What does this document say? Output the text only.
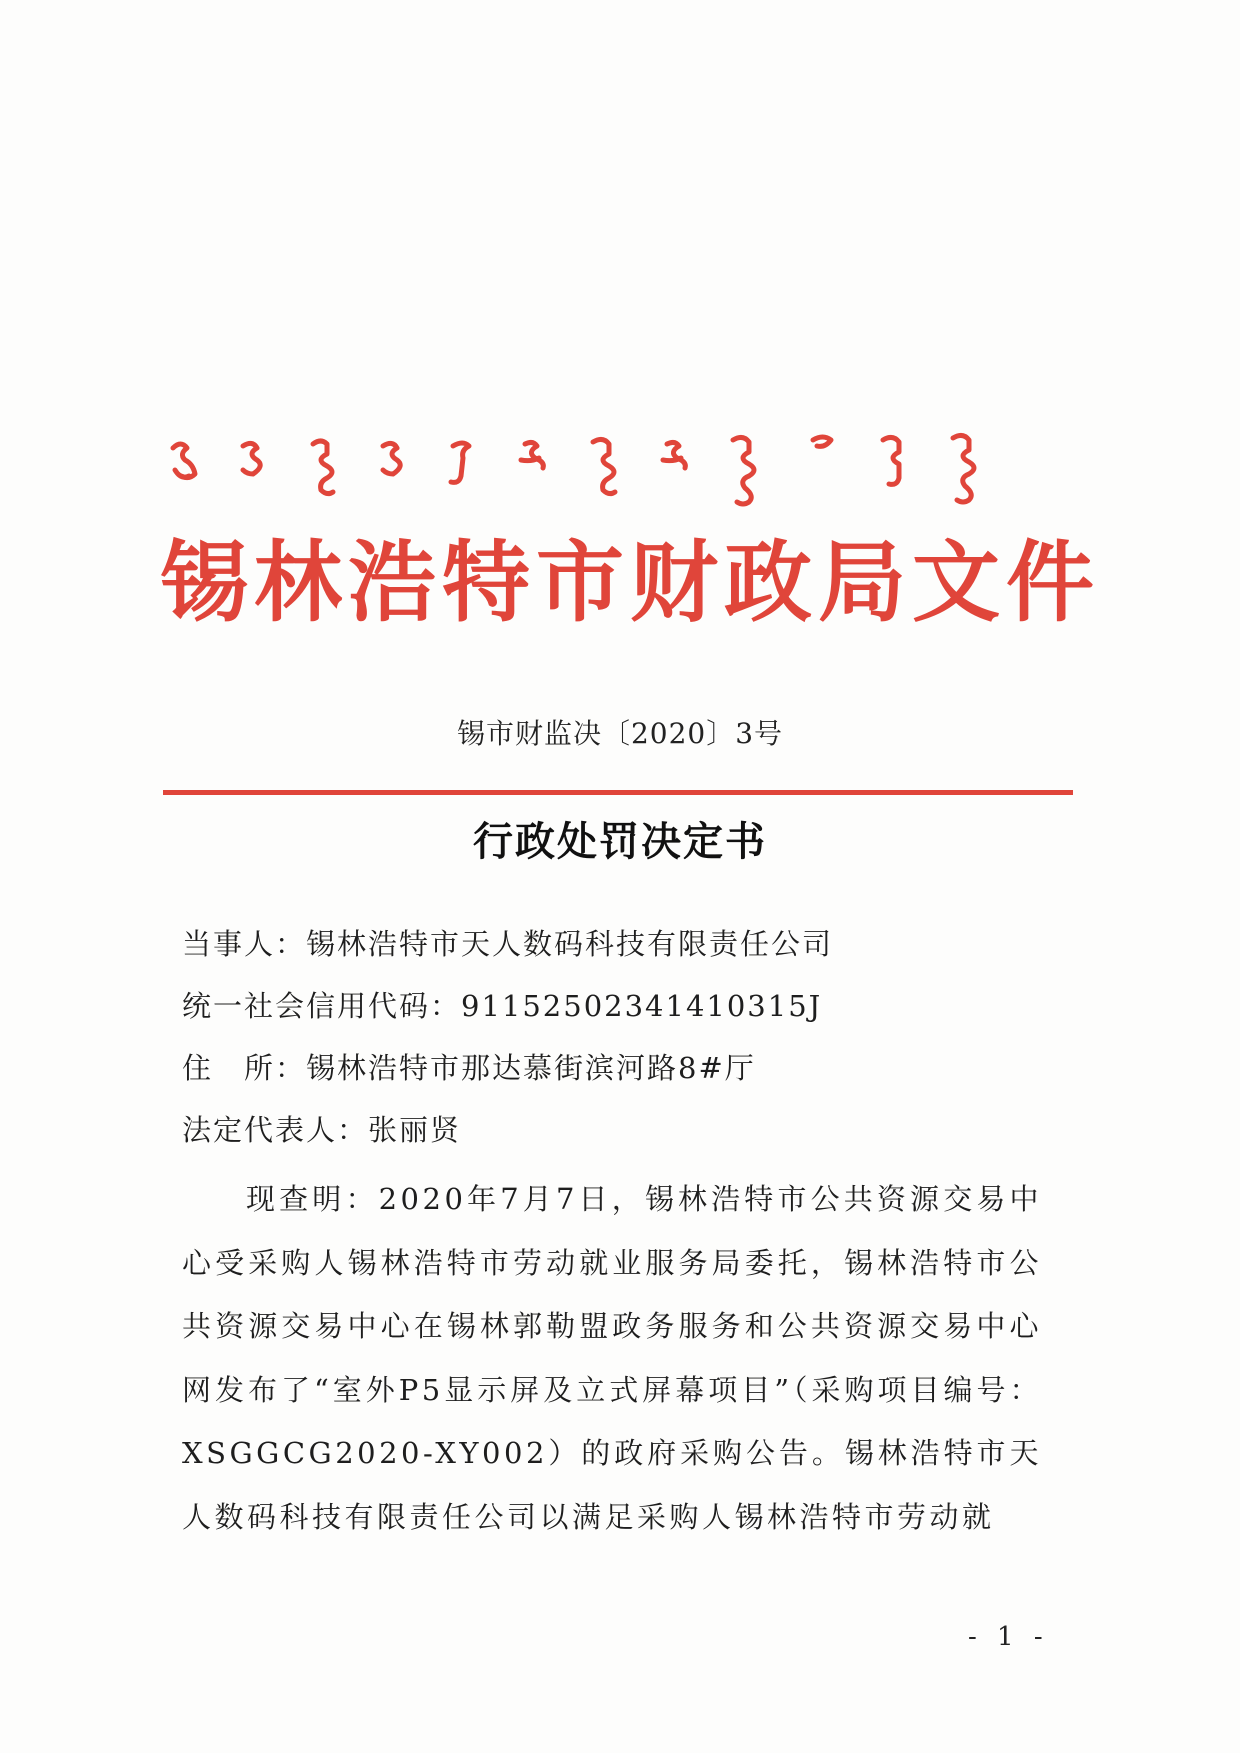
锡林浩特市财政局文件
锡市财监决〔2020〕3号
行政处罚决定书
当事人：锡林浩特市天人数码科技有限责任公司
统一社会信用代码：91152502341410315J
住　所：锡林浩特市那达慕街滨河路8#厅
法定代表人：张丽贤

现查明：2020年7月7日，锡林浩特市公共资源交易中心受采购人锡林浩特市劳动就业服务局委托，锡林浩特市公共资源交易中心在锡林郭勒盟政务服务和公共资源交易中心网发布了“室外P5显示屏及立式屏幕项目”（采购项目编号：XSGGCG2020-XY002）的政府采购公告。锡林浩特市天人数码科技有限责任公司以满足采购人锡林浩特市劳动就

- 1 -
